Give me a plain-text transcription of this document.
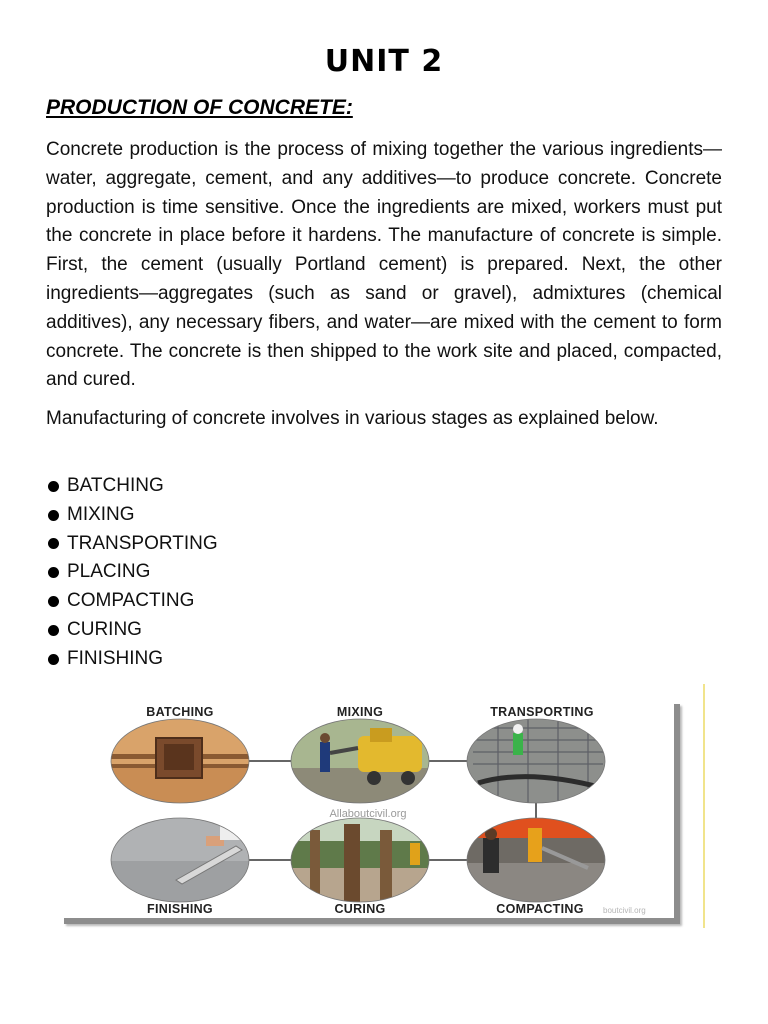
UNIT 2
PRODUCTION OF CONCRETE:

Concrete production is the process of mixing together the various ingredients—water, aggregate, cement, and any additives—to produce concrete. Concrete production is time sensitive. Once the ingredients are mixed, workers must put the concrete in place before it hardens. The manufacture of concrete is simple. First, the cement (usually Portland cement) is prepared. Next, the other ingredients—aggregates (such as sand or gravel), admixtures (chemical additives), any necessary fibers, and water—are mixed with the cement to form concrete. The concrete is then shipped to the work site and placed, compacted, and cured.

Manufacturing of concrete involves in various stages as explained below.

BATCHING
MIXING
TRANSPORTING
PLACING
COMPACTING
CURING
FINISHING
BATCHING	MIXING	TRANSPORTING
FINISHING	CURING	COMPACTING
Allaboutcivil.org
boutcivil.org
